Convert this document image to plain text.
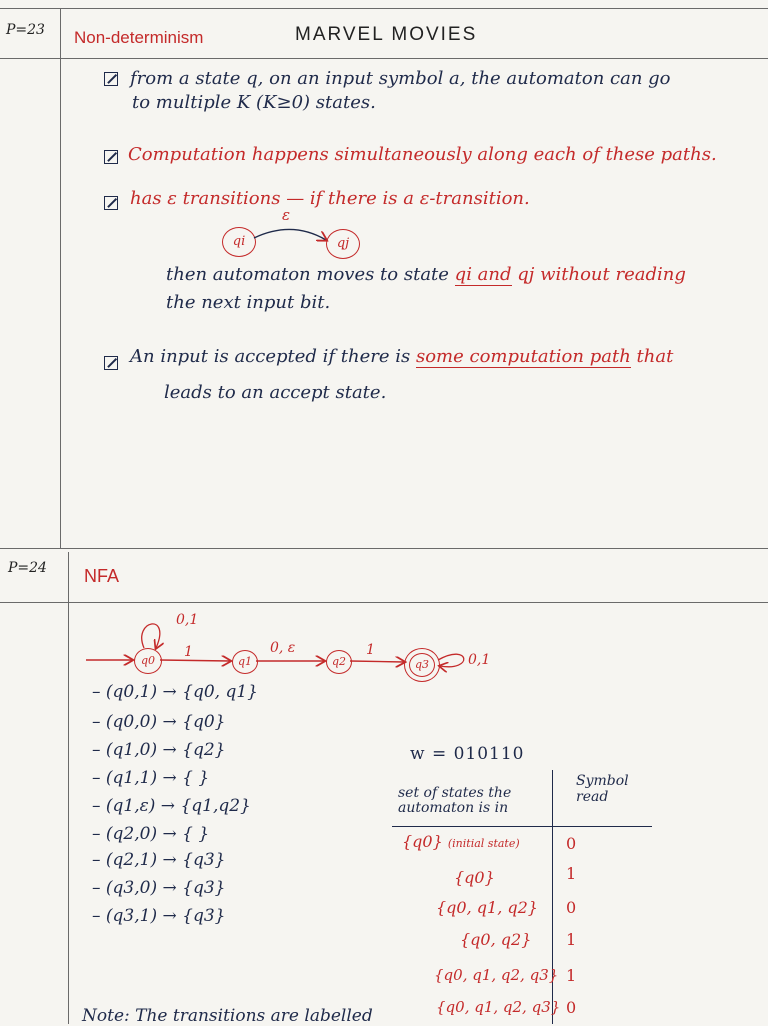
P=23 Non-determinism	MARVEL MOVIES
from a state q, on an input symbol a, the automaton can go
to multiple K (K≥0) states.
Computation happens simultaneously along each of these paths.
has ε transitions — if there is a ε-transition.
qi	qj
ε
then automaton moves to state qi and qj without reading
the next input bit.
An input is accepted if there is some computation path that
leads to an accept state.
P=24 NFA
q0	q1	q2	q3
0,1
1	0, ε	1
0,1
– (q0,1) → {q0, q1}
– (q0,0) → {q0}
– (q1,0) → {q2}
– (q1,1) → { }
– (q1,ε) → {q1,q2}
– (q2,0) → { }
– (q2,1) → {q3}
– (q3,0) → {q3}
– (q3,1) → {q3}
w = 010110
set of states the
automaton is in
Symbol
read
{q0} (initial state)	0
{q0}	1
{q0, q1, q2} 0
{q0, q2} 1
{q0, q1, q2, q3} 1
{q0, q1, q2, q3} 0
Note: The transitions are labelled
